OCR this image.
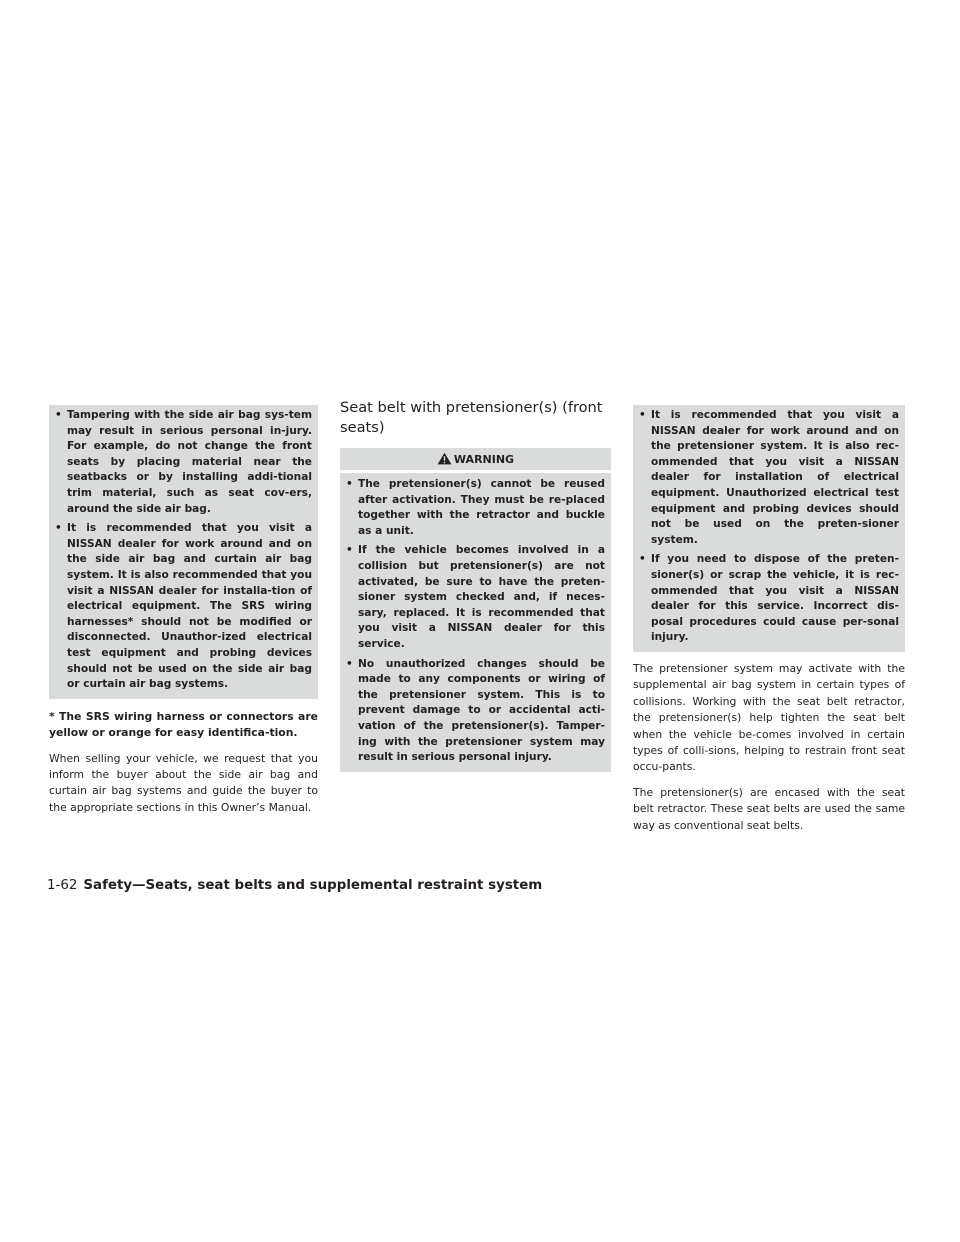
• Tampering with the side air bag sys-tem may result in serious personal in-jury. For example, do not change the front seats by placing material near the seatbacks or by installing addi-tional trim material, such as seat cov-ers, around the side air bag.
• It is recommended that you visit a NISSAN dealer for work around and on the side air bag and curtain air bag system. It is also recommended that you visit a NISSAN dealer for installa-tion of electrical equipment. The SRS wiring harnesses* should not be modified or disconnected. Unauthor-ized electrical test equipment and probing devices should not be used on the side air bag or curtain air bag systems.

* The SRS wiring harness or connectors are yellow or orange for easy identifica-tion.

When selling your vehicle, we request that you inform the buyer about the side air bag and curtain air bag systems and guide the buyer to the appropriate sections in this Owner’s Manual.

Seat belt with pretensioner(s) (front seats)
WARNING
• The pretensioner(s) cannot be reused after activation. They must be re-placed together with the retractor and buckle as a unit.
• If the vehicle becomes involved in a collision but pretensioner(s) are not activated, be sure to have the preten-sioner system checked and, if neces-sary, replaced. It is recommended that you visit a NISSAN dealer for this service.
• No unauthorized changes should be made to any components or wiring of the pretensioner system. This is to prevent damage to or accidental acti-vation of the pretensioner(s). Tamper-ing with the pretensioner system may result in serious personal injury.
• It is recommended that you visit a NISSAN dealer for work around and on the pretensioner system. It is also rec-ommended that you visit a NISSAN dealer for installation of electrical equipment. Unauthorized electrical test equipment and probing devices should not be used on the preten-sioner system.
• If you need to dispose of the preten-sioner(s) or scrap the vehicle, it is rec-ommended that you visit a NISSAN dealer for this service. Incorrect dis-posal procedures could cause per-sonal injury.

The pretensioner system may activate with the supplemental air bag system in certain types of collisions. Working with the seat belt retractor, the pretensioner(s) help tighten the seat belt when the vehicle be-comes involved in certain types of colli-sions, helping to restrain front seat occu-pants.

The pretensioner(s) are encased with the seat belt retractor. These seat belts are used the same way as conventional seat belts.

1-62 Safety—Seats, seat belts and supplemental restraint system
